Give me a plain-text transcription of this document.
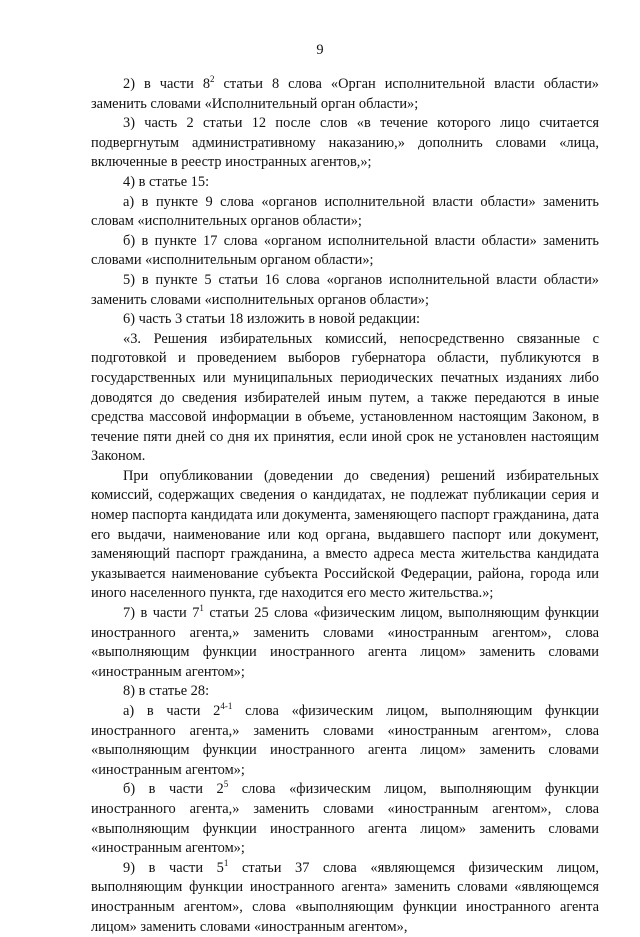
9

2) в части $8^2$ статьи 8 слова «Орган исполнительной власти области» заменить словами «Исполнительный орган области»;

3) часть 2 статьи 12 после слов «в течение которого лицо считается подвергнутым административному наказанию,» дополнить словами «лица, включенные в реестр иностранных агентов,»;

4) в статье 15:

а) в пункте 9 слова «органов исполнительной власти области» заменить словам «исполнительных органов области»;

б) в пункте 17 слова «органом исполнительной власти области» заменить словами «исполнительным органом области»;

5) в пункте 5 статьи 16 слова «органов исполнительной власти области» заменить словами «исполнительных органов области»;

6) часть 3 статьи 18 изложить в новой редакции:

«3. Решения избирательных комиссий, непосредственно связанные с подготовкой и проведением выборов губернатора области, публикуются в государственных или муниципальных периодических печатных изданиях либо доводятся до сведения избирателей иным путем, а также передаются в иные средства массовой информации в объеме, установленном настоящим Законом, в течение пяти дней со дня их принятия, если иной срок не установлен настоящим Законом.

При опубликовании (доведении до сведения) решений избирательных комиссий, содержащих сведения о кандидатах, не подлежат публикации серия и номер паспорта кандидата или документа, заменяющего паспорт гражданина, дата его выдачи, наименование или код органа, выдавшего паспорт или документ, заменяющий паспорт гражданина, а вместо адреса места жительства кандидата указывается наименование субъекта Российской Федерации, района, города или иного населенного пункта, где находится его место жительства.»;

7) в части $7^1$ статьи 25 слова «физическим лицом, выполняющим функции иностранного агента,» заменить словами «иностранным агентом», слова «выполняющим функции иностранного агента лицом» заменить словами «иностранным агентом»;

8) в статье 28:

а) в части 2$^{4-1}$ слова «физическим лицом, выполняющим функции иностранного агента,» заменить словами «иностранным агентом», слова «выполняющим функции иностранного агента лицом» заменить словами «иностранным агентом»;

б) в части $2^5$ слова «физическим лицом, выполняющим функции иностранного агента,» заменить словами «иностранным агентом», слова «выполняющим функции иностранного агента лицом» заменить словами «иностранным агентом»;

9) в части $5^1$ статьи 37 слова «являющемся физическим лицом, выполняющим функции иностранного агента» заменить словами «являющемся иностранным агентом», слова «выполняющим функции иностранного агента лицом» заменить словами «иностранным агентом»,
